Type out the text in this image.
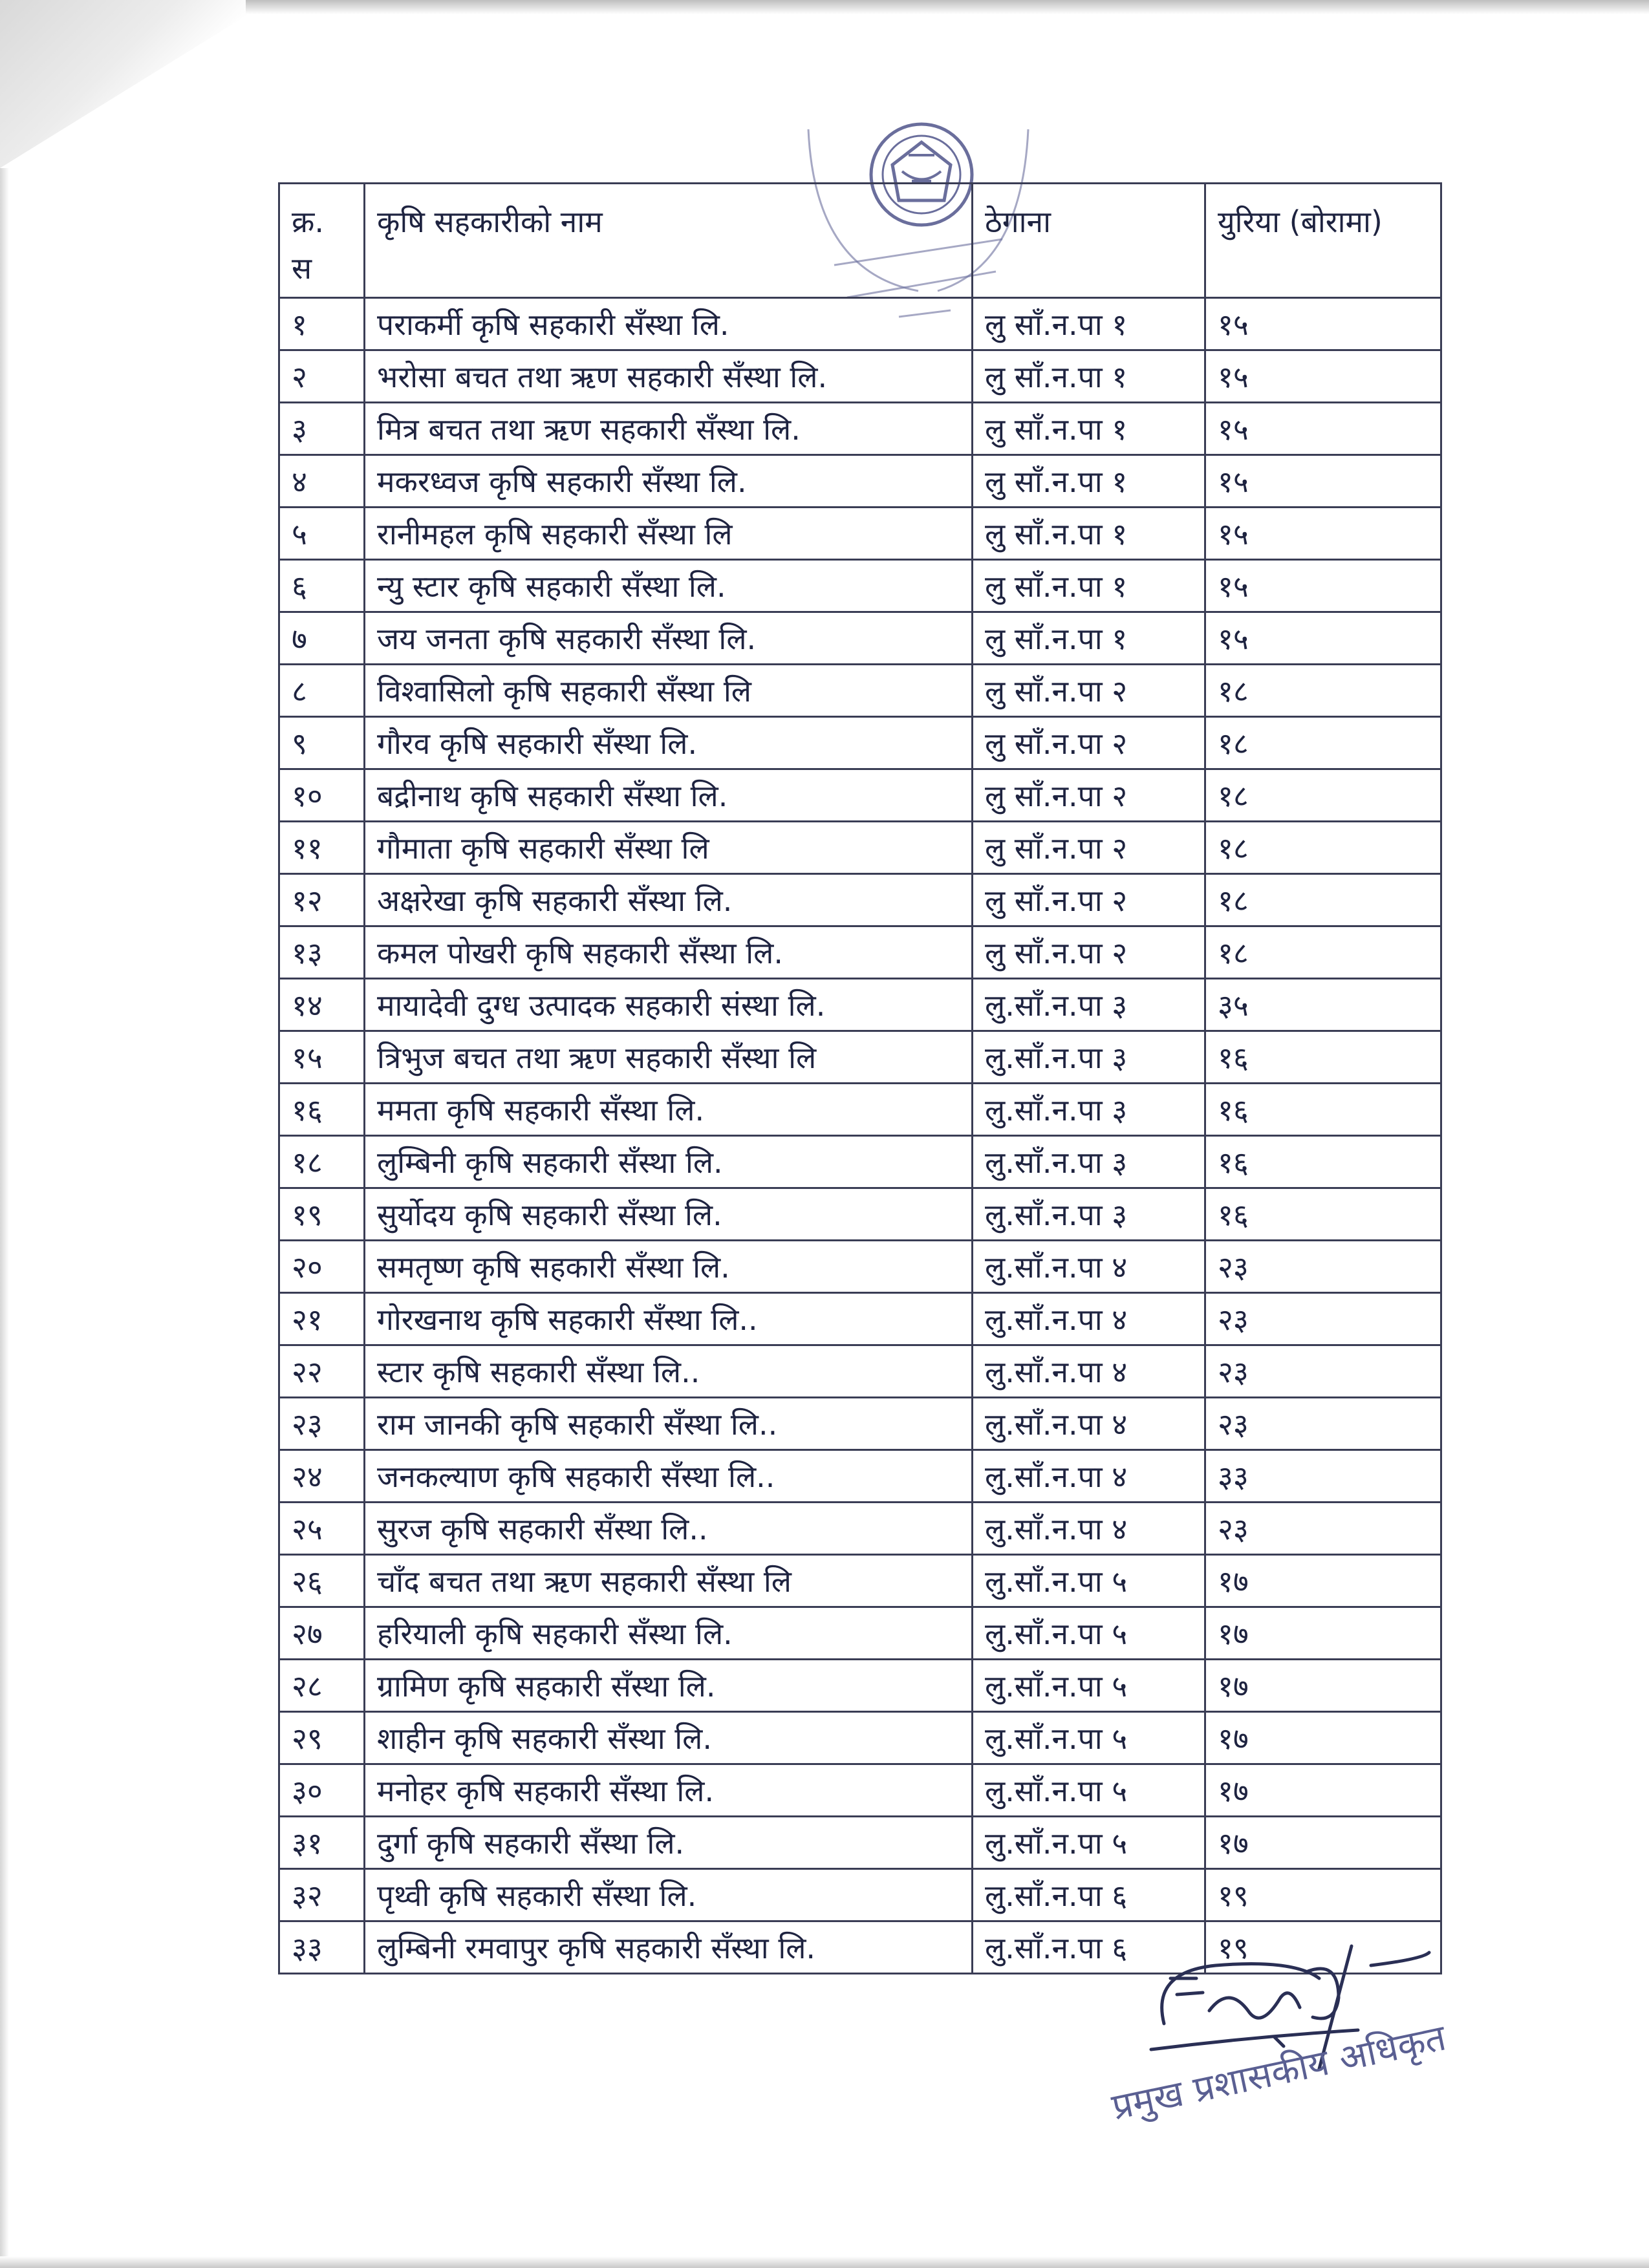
क्र. स	कृषि सहकारीको नाम	ठेगाना	युरिया (बोरामा)
१	पराकर्मी कृषि सहकारी सँस्था लि.	लु साँ.न.पा १	१५
२	भरोसा बचत तथा ऋण सहकारी सँस्था लि.	लु साँ.न.पा १	१५
३	मित्र बचत तथा ऋण सहकारी सँस्था लि.	लु साँ.न.पा १	१५
४	मकरध्वज कृषि सहकारी सँस्था लि.	लु साँ.न.पा १	१५
५	रानीमहल कृषि सहकारी सँस्था लि	लु साँ.न.पा १	१५
६	न्यु स्टार कृषि सहकारी सँस्था लि.	लु साँ.न.पा १	१५
७	जय जनता कृषि सहकारी सँस्था लि.	लु साँ.न.पा १	१५
८	विश्वासिलो कृषि सहकारी सँस्था लि	लु साँ.न.पा २	१८
९	गौरव कृषि सहकारी सँस्था लि.	लु साँ.न.पा २	१८
१०	बद्रीनाथ कृषि सहकारी सँस्था लि.	लु साँ.न.पा २	१८
११	गौमाता कृषि सहकारी सँस्था लि	लु साँ.न.पा २	१८
१२	अक्षरेखा कृषि सहकारी सँस्था लि.	लु साँ.न.पा २	१८
१३	कमल पोखरी कृषि सहकारी सँस्था लि.	लु साँ.न.पा २	१८
१४	मायादेवी दुग्ध उत्पादक सहकारी संस्था लि.	लु.साँ.न.पा ३	३५
१५	त्रिभुज बचत तथा ऋण सहकारी सँस्था लि	लु.साँ.न.पा ३	१६
१६	ममता कृषि सहकारी सँस्था लि.	लु.साँ.न.पा ३	१६
१८	लुम्बिनी कृषि सहकारी सँस्था लि.	लु.साँ.न.पा ३	१६
१९	सुर्योदय कृषि सहकारी सँस्था लि.	लु.साँ.न.पा ३	१६
२०	समतृष्ण कृषि सहकारी सँस्था लि.	लु.साँ.न.पा ४	२३
२१	गोरखनाथ कृषि सहकारी सँस्था लि..	लु.साँ.न.पा ४	२३
२२	स्टार कृषि सहकारी सँस्था लि..	लु.साँ.न.पा ४	२३
२३	राम जानकी कृषि सहकारी सँस्था लि..	लु.साँ.न.पा ४	२३
२४	जनकल्याण कृषि सहकारी सँस्था लि..	लु.साँ.न.पा ४	३३
२५	सुरज कृषि सहकारी सँस्था लि..	लु.साँ.न.पा ४	२३
२६	चाँद बचत तथा ऋण सहकारी सँस्था लि	लु.साँ.न.पा ५	१७
२७	हरियाली कृषि सहकारी सँस्था लि.	लु.साँ.न.पा ५	१७
२८	ग्रामिण कृषि सहकारी सँस्था लि.	लु.साँ.न.पा ५	१७
२९	शाहीन कृषि सहकारी सँस्था लि.	लु.साँ.न.पा ५	१७
३०	मनोहर कृषि सहकारी सँस्था लि.	लु.साँ.न.पा ५	१७
३१	दुर्गा कृषि सहकारी सँस्था लि.	लु.साँ.न.पा ५	१७
३२	पृथ्वी कृषि सहकारी सँस्था लि.	लु.साँ.न.पा ६	१९
३३	लुम्बिनी रमवापुर कृषि सहकारी सँस्था लि.	लु.साँ.न.पा ६	१९
प्रमुख प्रशासकीय अधिकृत
